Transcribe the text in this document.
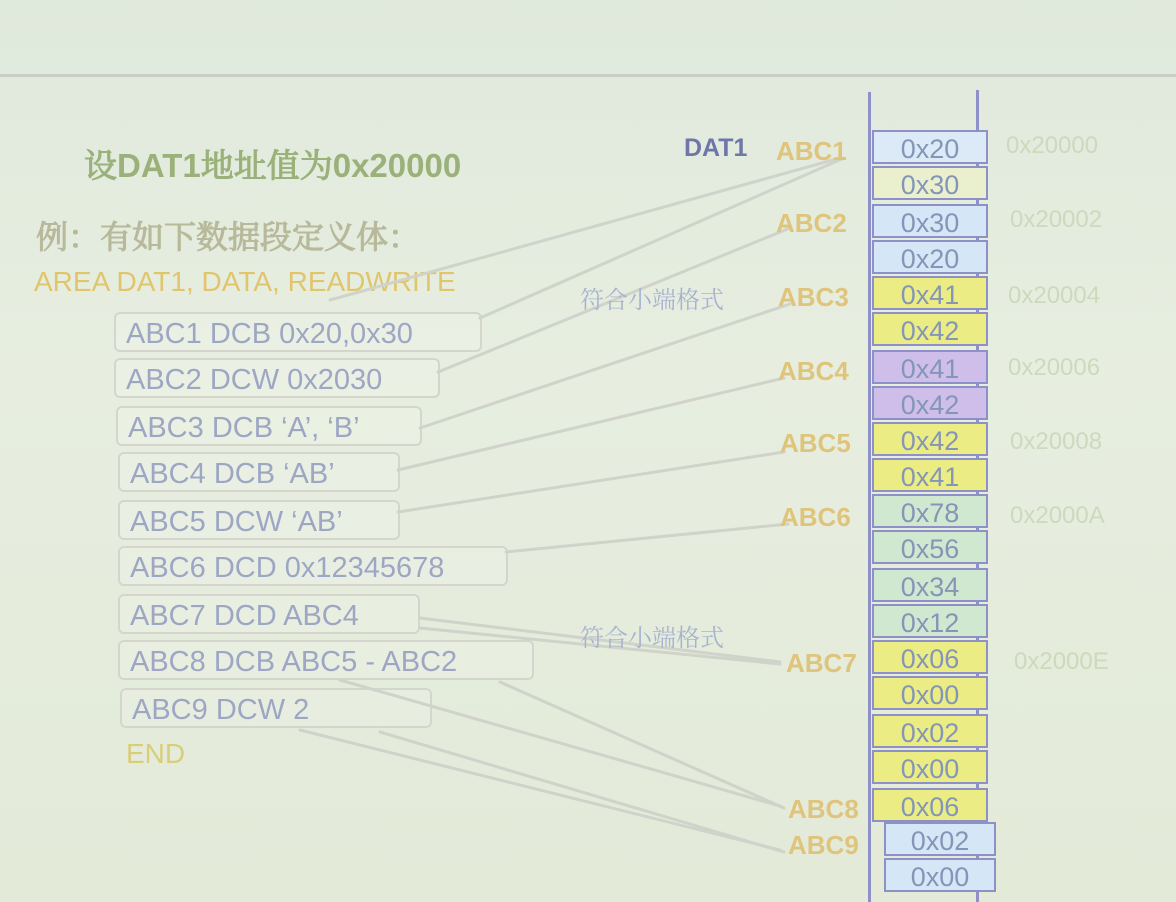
设DAT1地址值为0x20000
例：有如下数据段定义体：
AREA DAT1, DATA, READWRITE
ABC1 DCB 0x20,0x30
ABC2 DCW 0x2030
ABC3 DCB ‘A’, ‘B’
ABC4 DCB ‘AB’
ABC5 DCW ‘AB’
ABC6 DCD 0x12345678
ABC7 DCD ABC4
ABC8 DCB ABC5 - ABC2
ABC9 DCW 2
END
DAT1	0x20
0x30
0x30
0x20
0x41
0x42
0x41
0x42
0x42
0x41
0x78
0x56
0x34
0x12
0x06
0x00
0x02
0x00
0x06
0x02
0x00
ABC1
ABC2
ABC3
ABC4
ABC5
ABC6
ABC7
ABC8
ABC9
0x20000
0x20002
0x20004
0x20006
0x20008
0x2000A
0x2000E
符合小端格式
符合小端格式
